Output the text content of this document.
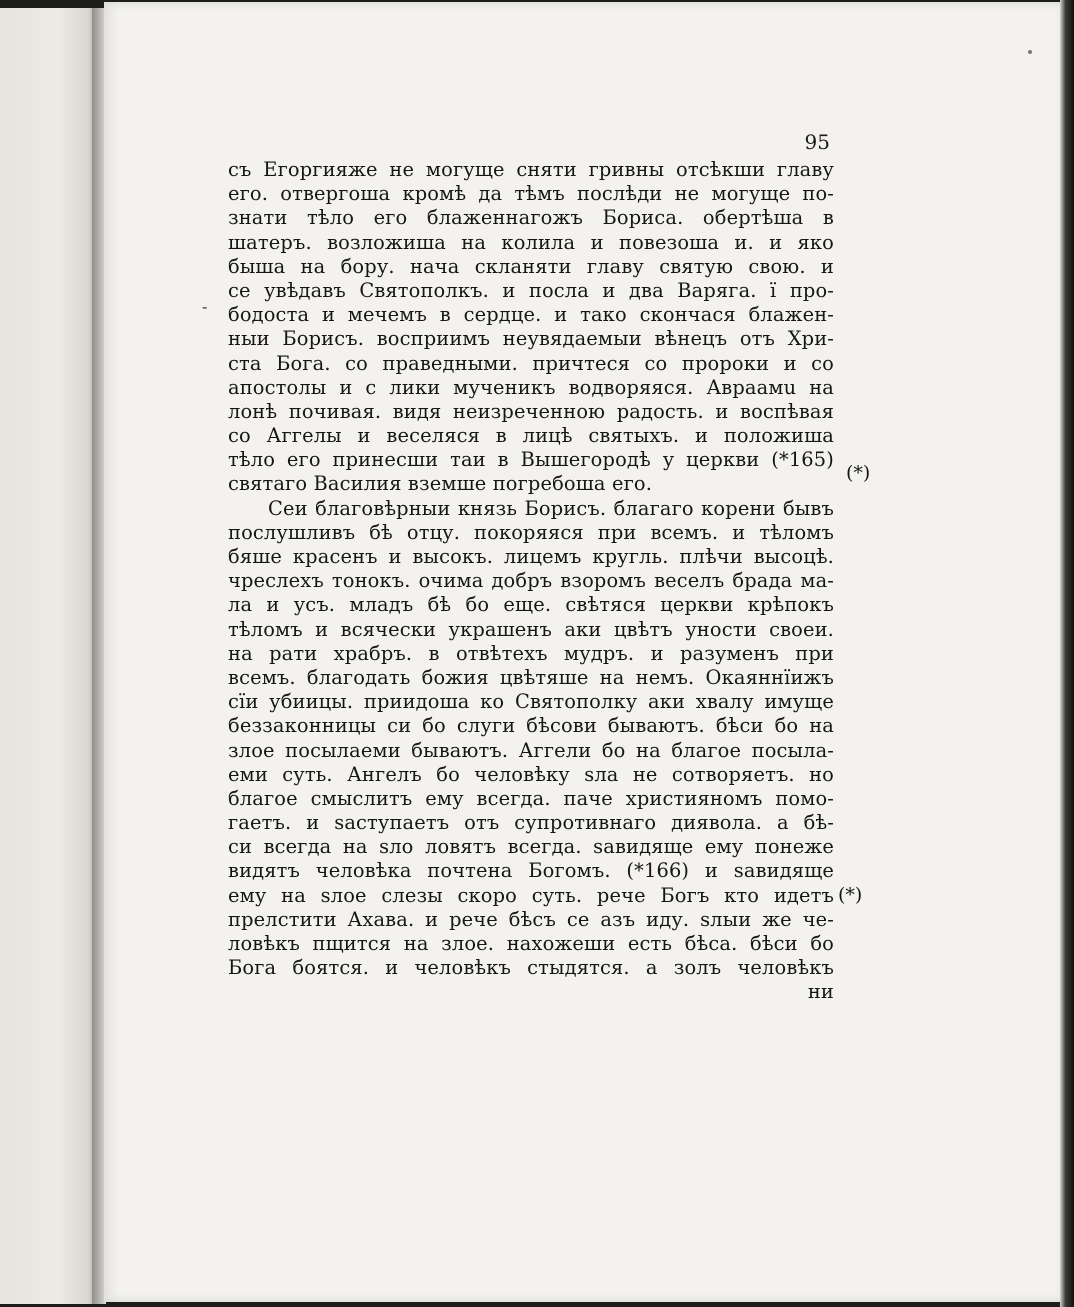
95
-
съ Егоргияже не могуще сняти гривны отсѣкши главу
его. отвергоша кромѣ да тѣмъ послѣди не могуще по-
знати тѣло его блаженнагожъ Бориса. обертѣша в
шатеръ. возложиша на колила и повезоша и. и яко
быша на бору. нача скланяти главу святую свою. и
се увѣдавъ Святополкъ. и посла и два Варяга. ї про-
бодоста и мечемъ в сердце. и тако скончася блажен-
ныи Борисъ. восприимъ неувядаемыи вѣнецъ отъ Хри-
ста Бога. со праведными. причтеся со пророки и со
апостолы и с лики мученикъ водворяяся. Авраамu на
лонѣ почивая. видя неизреченною радость. и воспѣвая
со Аггелы и веселяся в лицѣ святыхъ. и положиша
тѣло его принесши таи в Вышегородѣ у церкви (*165)
святаго Василия вземше погребоша его.
Сеи благовѣрныи князь Борисъ. благаго корени бывъ
послушливъ бѣ отцу. покоряяся при всемъ. и тѣломъ
бяше красенъ и высокъ. лицемъ кругль. плѣчи высоцѣ.
чреслехъ тонокъ. очима добръ взоромъ веселъ брада ма-
ла и усъ. младъ бѣ бо еще. свѣтяся церкви крѣпокъ
тѣломъ и всячески украшенъ аки цвѣтъ уности своеи.
на рати храбръ. в отвѣтехъ мудръ. и разуменъ при
всемъ. благодать божия цвѣтяше на немъ. Окаяннїижъ
сїи убиицы. приидоша ко Святополку аки хвалу имуще
беззаконницы си бо слуги бѣсови бываютъ. бѣси бо на
злое посылаеми бываютъ. Аггели бо на благое посыла-
еми суть. Ангелъ бо человѣку ѕла не сотворяетъ. но
благое смыслитъ ему всегда. паче християномъ помо-
гаетъ. и ѕаступаетъ отъ супротивнаго диявола. а бѣ-
си всегда на ѕло ловятъ всегда. ѕавидяще ему понеже
видятъ человѣка почтена Богомъ. (*166) и ѕавидяще
ему на ѕлое слезы скоро суть. рече Богъ кто идетъ
прелстити Ахава. и рече бѣсъ се азъ иду. ѕлыи же че-
ловѣкъ пщится на злое. нахожеши есть бѣса. бѣси бо
Бога боятся. и человѣкъ стыдятся. а золъ человѣкъ
ни
(*)
(*)
